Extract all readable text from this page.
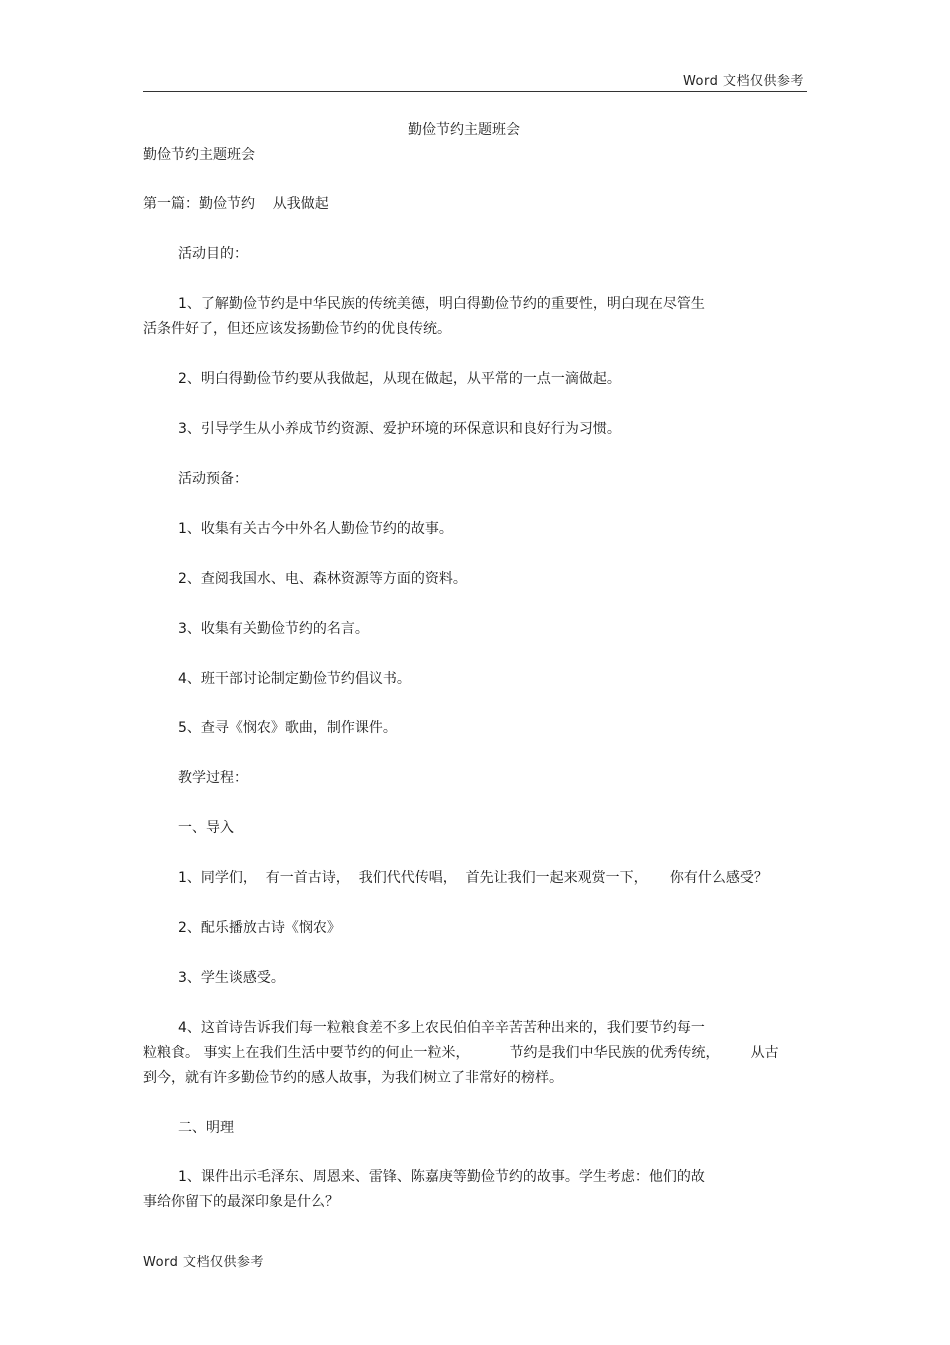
Word 文档仅供参考
勤俭节约主题班会
勤俭节约主题班会
第一篇：勤俭节约    从我做起
活动目的：
1、了解勤俭节约是中华民族的传统美德，明白得勤俭节约的重要性，明白现在尽管生
活条件好了，但还应该发扬勤俭节约的优良传统。
2、明白得勤俭节约要从我做起，从现在做起，从平常的一点一滴做起。
3、引导学生从小养成节约资源、爱护环境的环保意识和良好行为习惯。
活动预备：
1、收集有关古今中外名人勤俭节约的故事。
2、查阅我国水、电、森林资源等方面的资料。
3、收集有关勤俭节约的名言。
4、班干部讨论制定勤俭节约倡议书。
5、查寻《悯农》歌曲，制作课件。
教学过程：
一、导入
1、同学们，  有一首古诗，  我们代代传唱，  首先让我们一起来观赏一下，     你有什么感受？
2、配乐播放古诗《悯农》
3、学生谈感受。
4、这首诗告诉我们每一粒粮食差不多上农民伯伯辛辛苦苦种出来的，我们要节约每一
粒粮食。 事实上在我们生活中要节约的何止一粒米，         节约是我们中华民族的优秀传统，       从古
到今，就有许多勤俭节约的感人故事，为我们树立了非常好的榜样。
二、明理
1、课件出示毛泽东、周恩来、雷锋、陈嘉庚等勤俭节约的故事。学生考虑：他们的故
事给你留下的最深印象是什么？
Word 文档仅供参考
